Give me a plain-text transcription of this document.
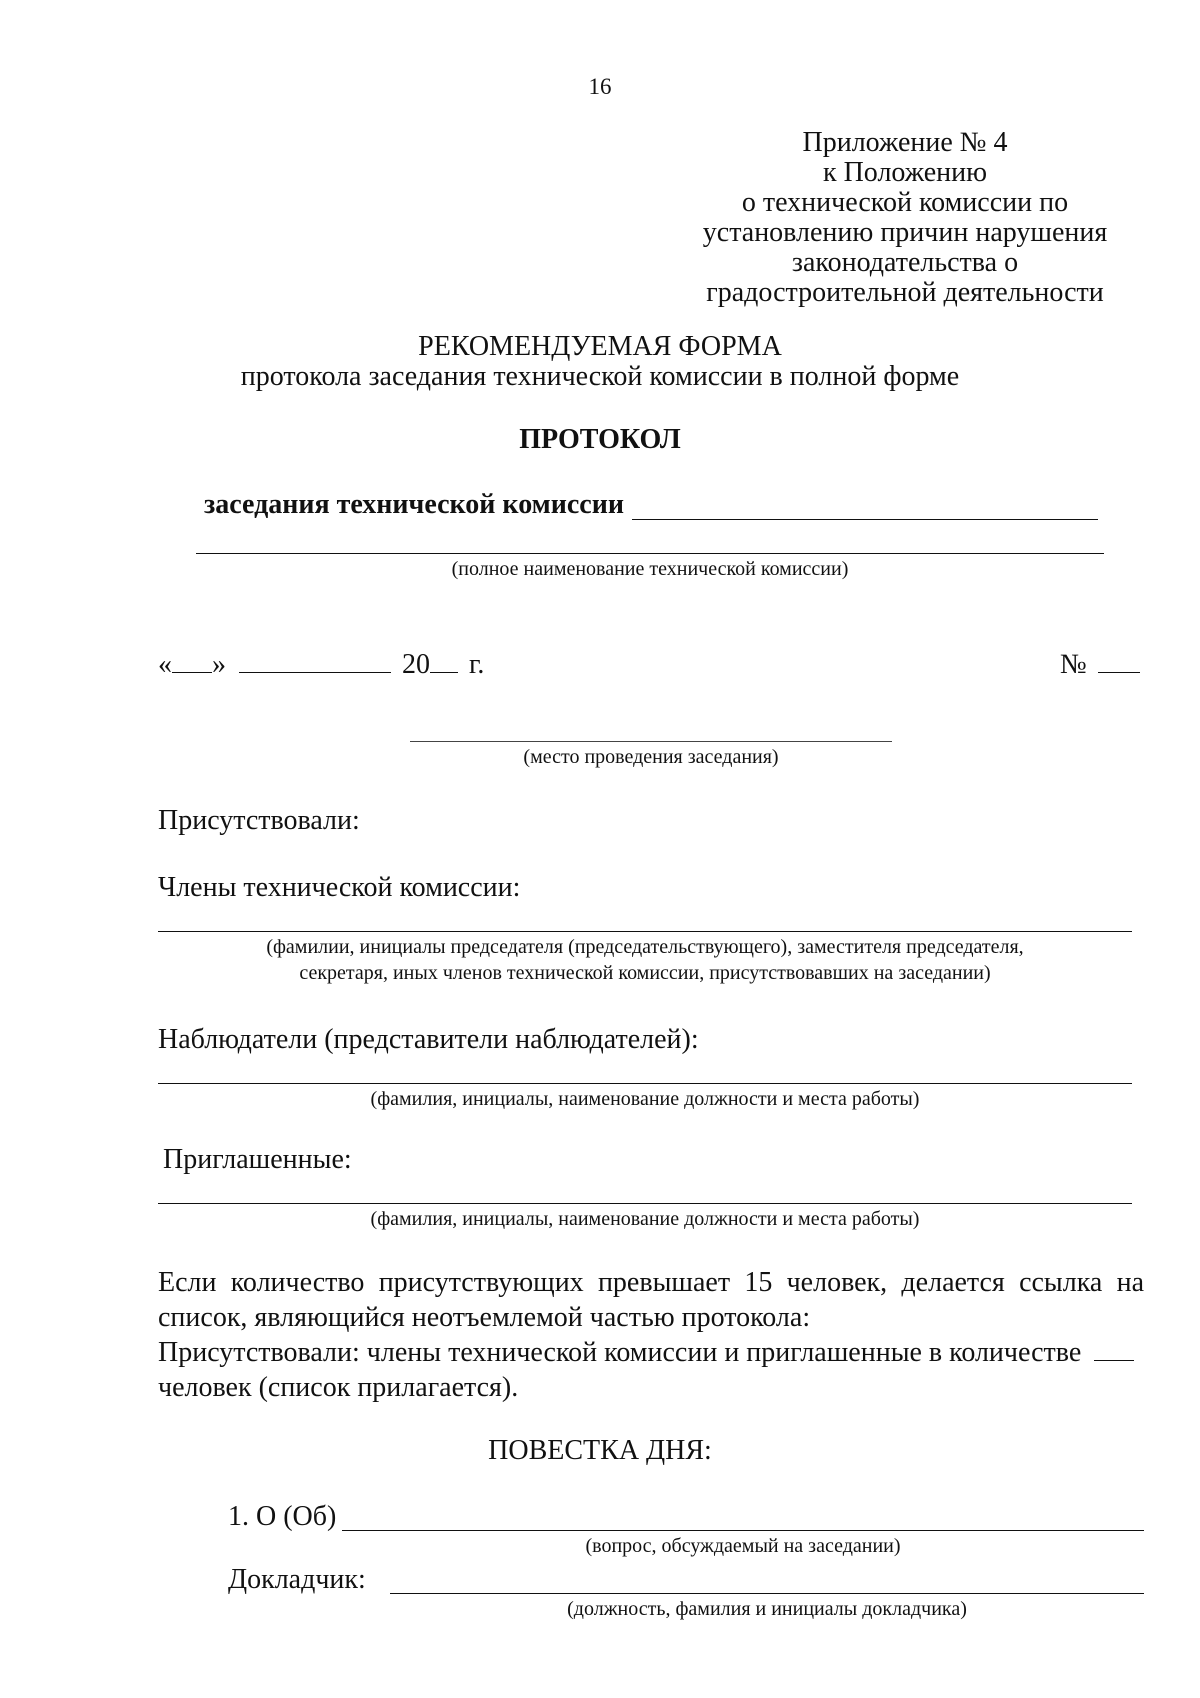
16
Приложение № 4
к Положению
о технической комиссии по
установлению причин нарушения
законодательства о
градостроительной деятельности
РЕКОМЕНДУЕМАЯ ФОРМА
протокола заседания технической комиссии в полной форме
ПРОТОКОЛ
заседания технической комиссии
(полное наименование технической комиссии)
« »	20 г.	№
(место проведения заседания)
Присутствовали:
Члены технической комиссии:
(фамилии, инициалы председателя (председательствующего), заместителя председателя,
секретаря, иных членов технической комиссии, присутствовавших на заседании)
Наблюдатели (представители наблюдателей):
(фамилия, инициалы, наименование должности и места работы)
Приглашенные:
(фамилия, инициалы, наименование должности и места работы)
Если количество присутствующих превышает 15 человек, делается ссылка на
список, являющийся неотъемлемой частью протокола:
Присутствовали: члены технической комиссии и приглашенные в количестве
человек (список прилагается).
ПОВЕСТКА ДНЯ:
1. О (Об)
(вопрос, обсуждаемый на заседании)
Докладчик:
(должность, фамилия и инициалы докладчика)
